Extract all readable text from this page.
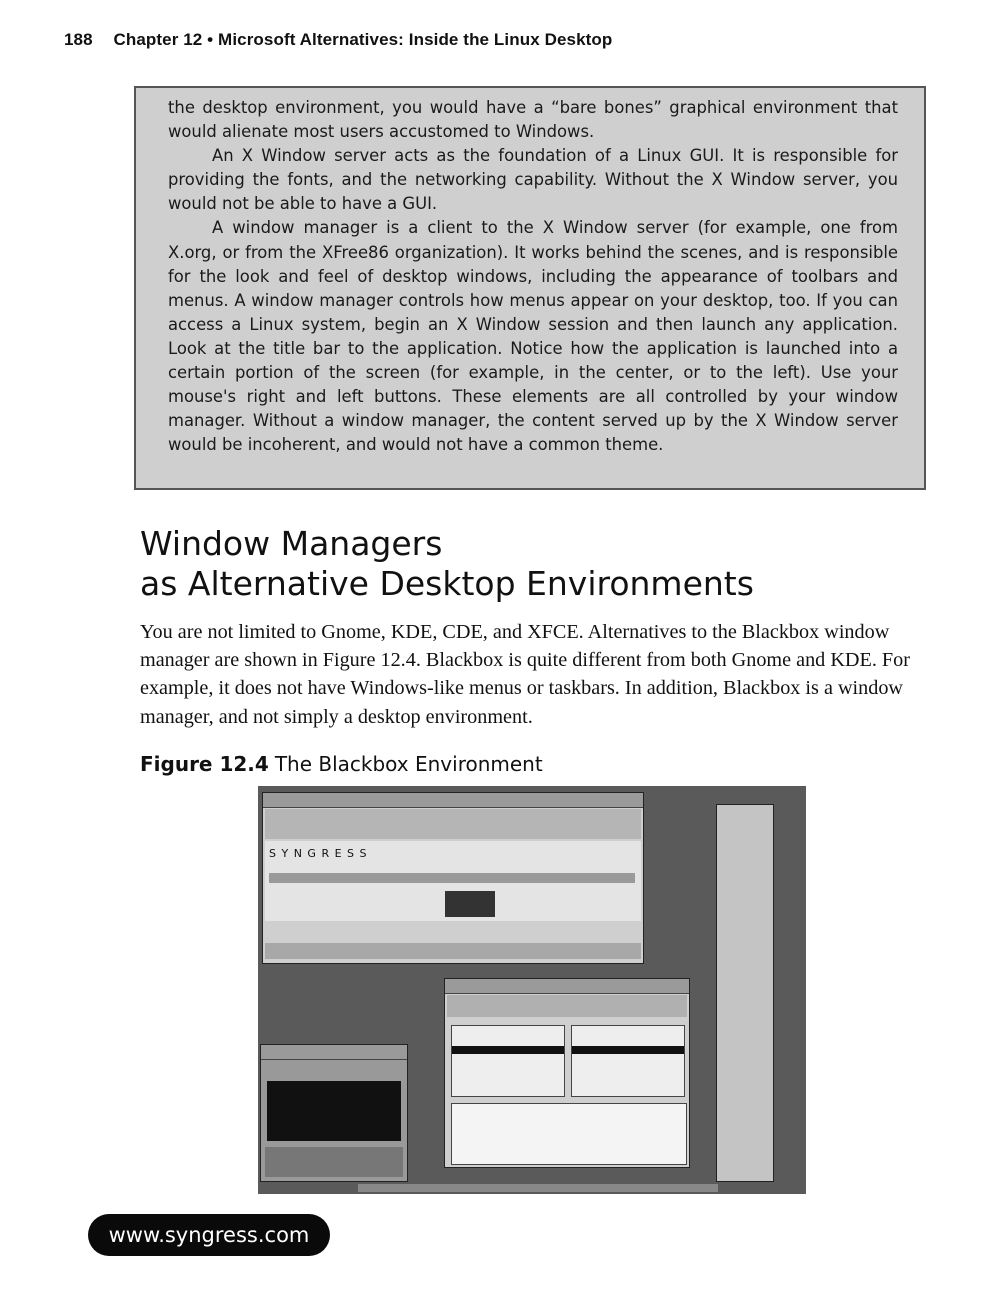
188 Chapter 12 • Microsoft Alternatives: Inside the Linux Desktop

the desktop environment, you would have a “bare bones” graphical environment that would alienate most users accustomed to Windows.

An X Window server acts as the foundation of a Linux GUI. It is responsible for providing the fonts, and the networking capability. Without the X Window server, you would not be able to have a GUI.

A window manager is a client to the X Window server (for example, one from X.org, or from the XFree86 organization). It works behind the scenes, and is responsible for the look and feel of desktop windows, including the appearance of toolbars and menus. A window manager controls how menus appear on your desktop, too. If you can access a Linux system, begin an X Window session and then launch any application. Look at the title bar to the application. Notice how the application is launched into a certain portion of the screen (for example, in the center, or to the left). Use your mouse's right and left buttons. These elements are all controlled by your window manager. Without a window manager, the content served up by the X Window server would be incoherent, and would not have a common theme.

Window Managers
as Alternative Desktop Environments
You are not limited to Gnome, KDE, CDE, and XFCE. Alternatives to the Blackbox window manager are shown in Figure 12.4. Blackbox is quite different from both Gnome and KDE. For example, it does not have Windows-like menus or taskbars. In addition, Blackbox is a window manager, and not simply a desktop environment.
Figure 12.4 The Blackbox Environment
S Y N G R E S S
www.syngress.com
